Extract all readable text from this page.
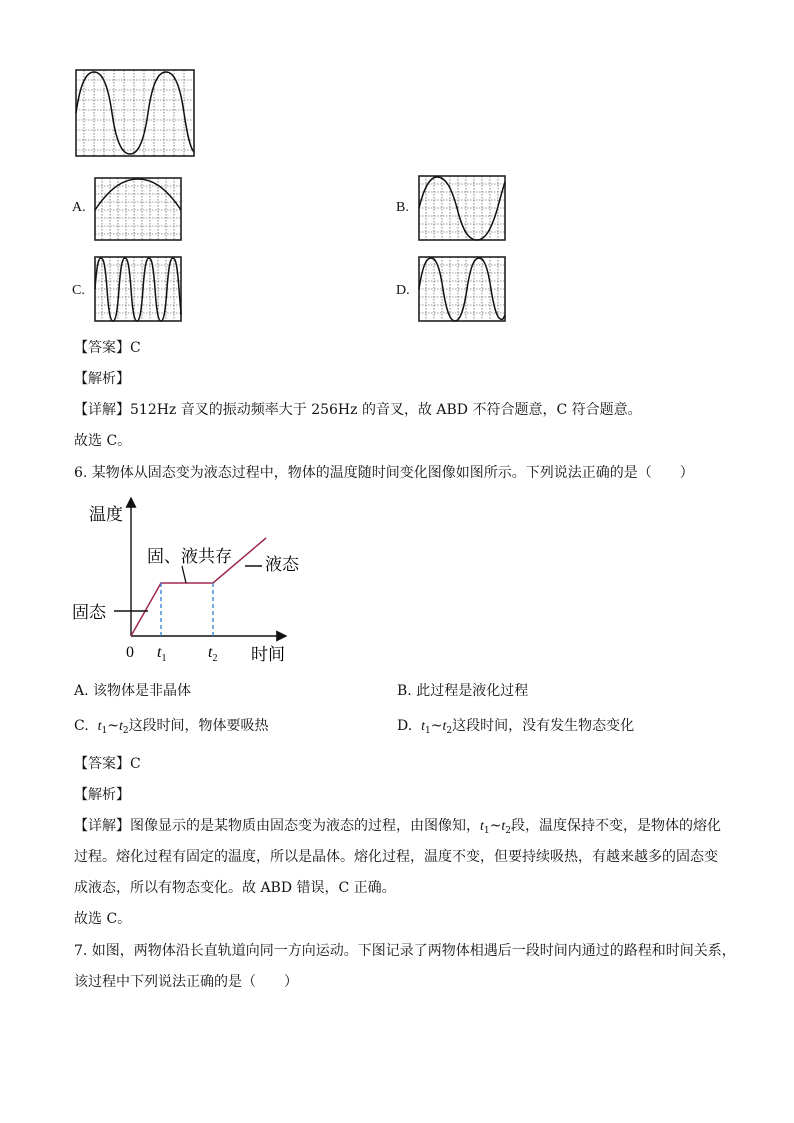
A.	B.
C.	D.
【答案】C
【解析】
【详解】512Hz 音叉的振动频率大于 256Hz 的音叉，故 ABD 不符合题意，C 符合题意。
故选 C。
6. 某物体从固态变为液态过程中，物体的温度随时间变化图像如图所示。下列说法正确的是（　　）
温度
时间
0
固态
固、液共存 液态
$t_1$	$t_2$
A. 该物体是非晶体	B. 此过程是液化过程
C. $t_1\sim t_2$这段时间，物体要吸热	D. $t_1\sim t_2$这段时间，没有发生物态变化
【答案】C
【解析】
【详解】图像显示的是某物质由固态变为液态的过程，由图像知，$t_1\sim t_2$段，温度保持不变，是物体的熔化
过程。熔化过程有固定的温度，所以是晶体。熔化过程，温度不变，但要持续吸热，有越来越多的固态变
成液态，所以有物态变化。故 ABD 错误，C 正确。
故选 C。
7. 如图，两物体沿长直轨道向同一方向运动。下图记录了两物体相遇后一段时间内通过的路程和时间关系，
该过程中下列说法正确的是（　　）
